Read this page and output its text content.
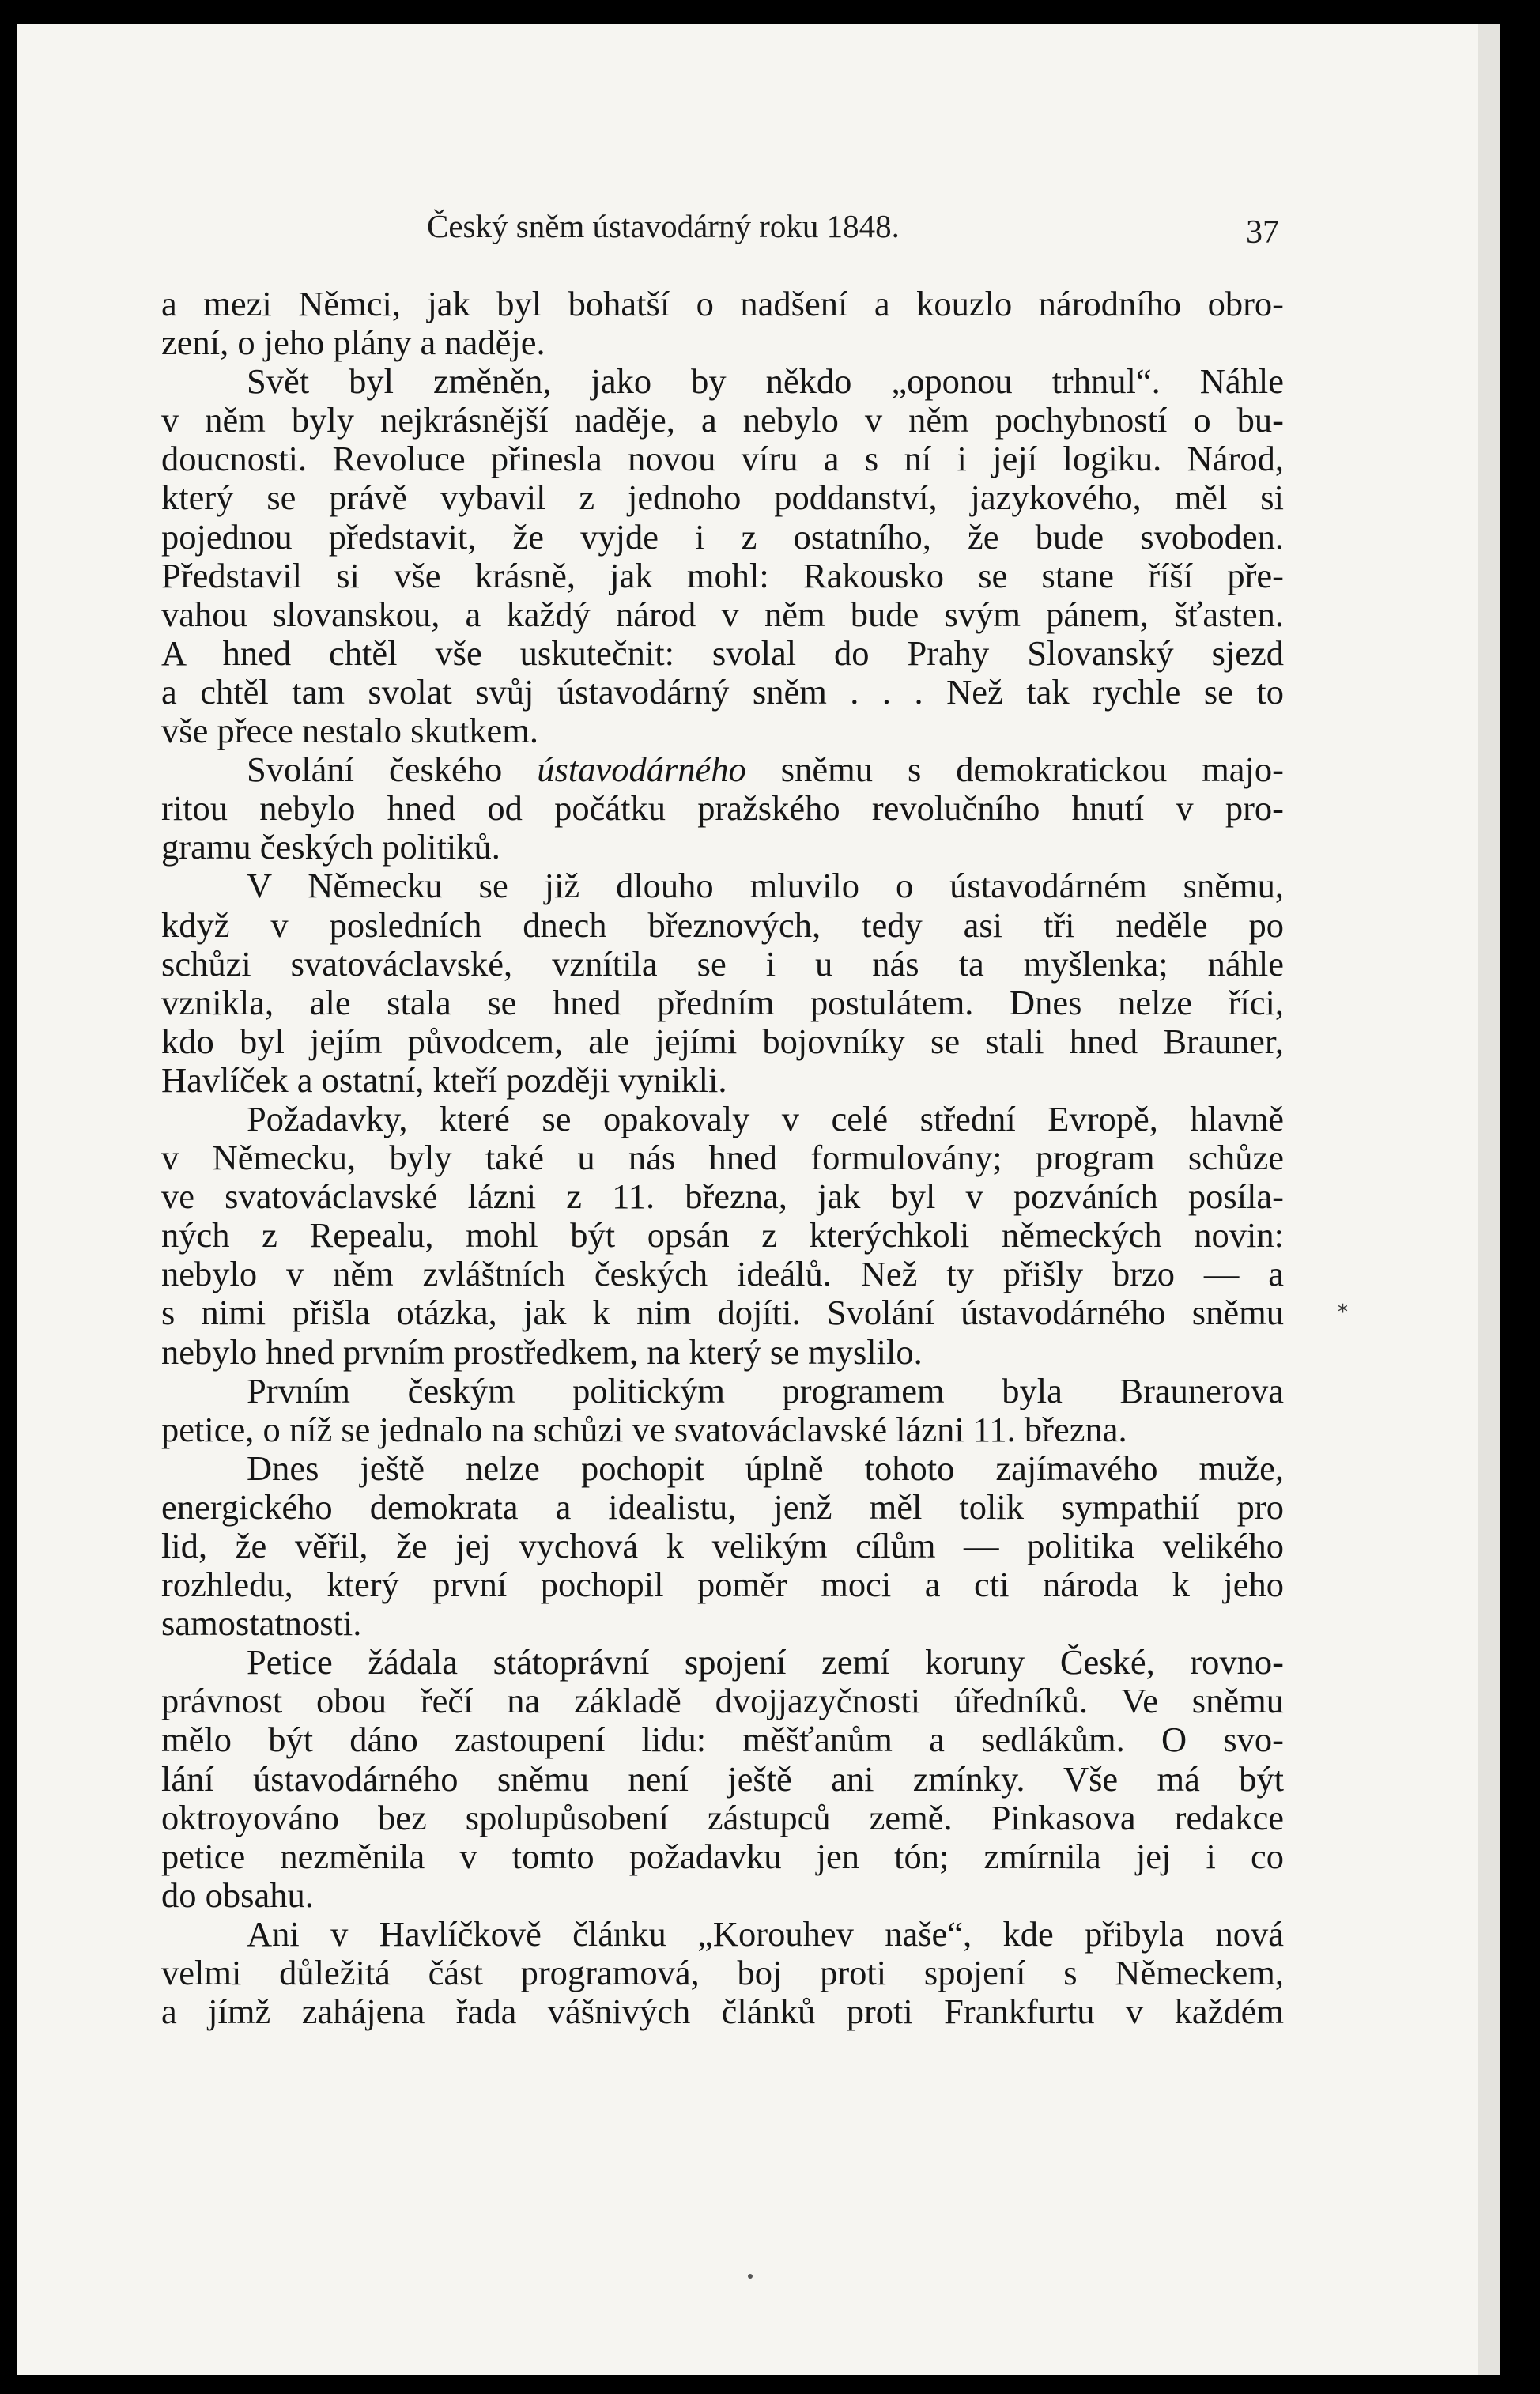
Český sněm ústavodárný roku 1848.	37
a mezi Němci, jak byl bohatší o nadšení a kouzlo národního obro-
zení, o jeho plány a naděje.
Svět byl změněn, jako by někdo „oponou trhnul“. Náhle
v něm byly nejkrásnější naděje, a nebylo v něm pochybností o bu-
doucnosti. Revoluce přinesla novou víru a s ní i její logiku. Národ,
který se právě vybavil z jednoho poddanství, jazykového, měl si
pojednou představit, že vyjde i z ostatního, že bude svoboden.
Představil si vše krásně, jak mohl: Rakousko se stane říší pře-
vahou slovanskou, a každý národ v něm bude svým pánem, šťasten.
A hned chtěl vše uskutečnit: svolal do Prahy Slovanský sjezd
a chtěl tam svolat svůj ústavodárný sněm . . . Než tak rychle se to
vše přece nestalo skutkem.
Svolání českého ústavodárného sněmu s demokratickou majo-
ritou nebylo hned od počátku pražského revolučního hnutí v pro-
gramu českých politiků.
V Německu se již dlouho mluvilo o ústavodárném sněmu,
když v posledních dnech březnových, tedy asi tři neděle po
schůzi svatováclavské, vznítila se i u nás ta myšlenka; náhle
vznikla, ale stala se hned předním postulátem. Dnes nelze říci,
kdo byl jejím původcem, ale jejími bojovníky se stali hned Brauner,
Havlíček a ostatní, kteří později vynikli.
Požadavky, které se opakovaly v celé střední Evropě, hlavně
v Německu, byly také u nás hned formulovány; program schůze
ve svatováclavské lázni z 11. března, jak byl v pozváních posíla-
ných z Repealu, mohl být opsán z kterýchkoli německých novin:
nebylo v něm zvláštních českých ideálů. Než ty přišly brzo — a
s nimi přišla otázka, jak k nim dojíti. Svolání ústavodárného sněmu
nebylo hned prvním prostředkem, na který se myslilo.
Prvním českým politickým programem byla Braunerova
petice, o níž se jednalo na schůzi ve svatováclavské lázni 11. března.
Dnes ještě nelze pochopit úplně tohoto zajímavého muže,
energického demokrata a idealistu, jenž měl tolik sympathií pro
lid, že věřil, že jej vychová k velikým cílům — politika velikého
rozhledu, který první pochopil poměr moci a cti národa k jeho
samostatnosti.
Petice žádala státoprávní spojení zemí koruny České, rovno-
právnost obou řečí na základě dvojjazyčnosti úředníků. Ve sněmu
mělo být dáno zastoupení lidu: měšťanům a sedlákům. O svo-
lání ústavodárného sněmu není ještě ani zmínky. Vše má být
oktroyováno bez spolupůsobení zástupců země. Pinkasova redakce
petice nezměnila v tomto požadavku jen tón; zmírnila jej i co
do obsahu.
Ani v Havlíčkově článku „Korouhev naše“, kde přibyla nová
velmi důležitá část programová, boj proti spojení s Německem,
a jímž zahájena řada vášnivých článků proti Frankfurtu v každém
*
